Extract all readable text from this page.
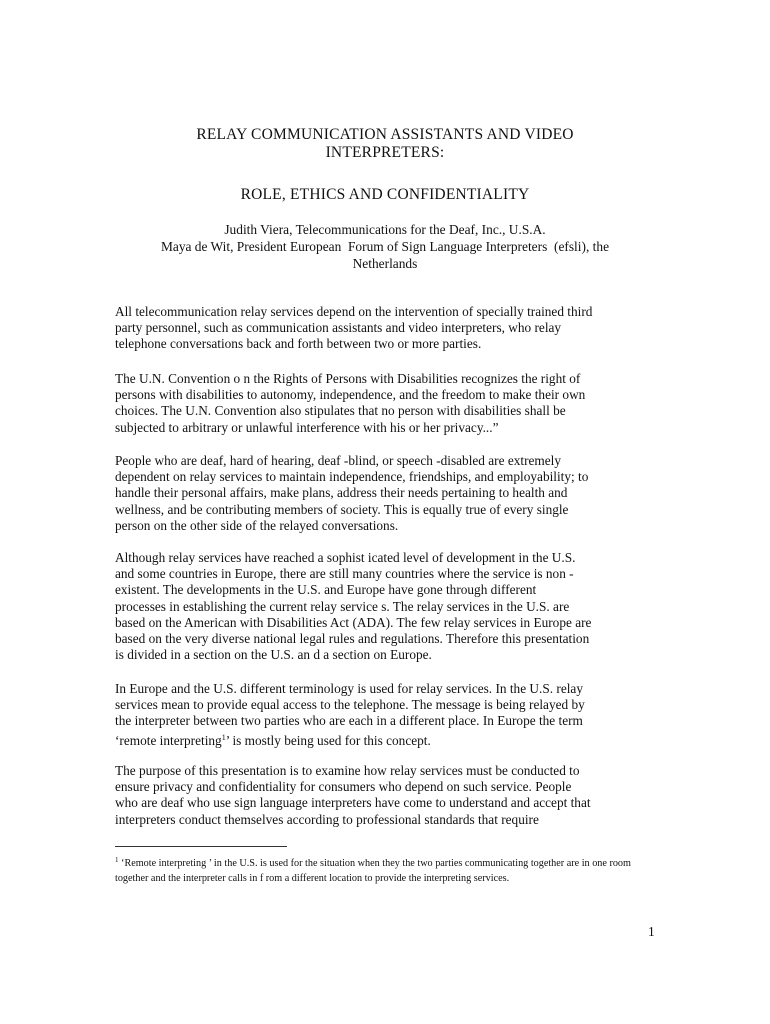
RELAY COMMUNICATION ASSISTANTS AND VIDEO
INTERPRETERS:
ROLE, ETHICS AND CONFIDENTIALITY
Judith Viera, Telecommunications for the Deaf, Inc., U.S.A.
Maya de Wit, President European  Forum of Sign Language Interpreters  (efsli), the
Netherlands

All telecommunication relay services depend on the intervention of specially trained third
party personnel, such as communication assistants and video interpreters, who relay
telephone conversations back and forth between two or more parties.

The U.N. Convention o n the Rights of Persons with Disabilities recognizes the right of
persons with disabilities to autonomy, independence, and the freedom to make their own
choices. The U.N. Convention also stipulates that no person with disabilities shall be
subjected to arbitrary or unlawful interference with his or her privacy...”

People who are deaf, hard of hearing, deaf -blind, or speech -disabled are extremely
dependent on relay services to maintain independence, friendships, and employability; to
handle their personal affairs, make plans, address their needs pertaining to health and
wellness, and be contributing members of society. This is equally true of every single
person on the other side of the relayed conversations.

Although relay services have reached a sophist icated level of development in the U.S.
and some countries in Europe, there are still many countries where the service is non -
existent. The developments in the U.S. and Europe have gone through different
processes in establishing the current relay service s. The relay services in the U.S. are
based on the American with Disabilities Act (ADA). The few relay services in Europe are
based on the very diverse national legal rules and regulations. Therefore this presentation
is divided in a section on the U.S. an d a section on Europe.

In Europe and the U.S. different terminology is used for relay services. In the U.S. relay
services mean to provide equal access to the telephone. The message is being relayed by
the interpreter between two parties who are each in a different place. In Europe the term
‘remote interpreting$^1$’ is mostly being used for this concept.

The purpose of this presentation is to examine how relay services must be conducted to
ensure privacy and confidentiality for consumers who depend on such service. People
who are deaf who use sign language interpreters have come to understand and accept that
interpreters conduct themselves according to professional standards that require

$^1$ ‘Remote interpreting ’ in the U.S. is used for the situation when they the two parties communicating together are in one room together and the interpreter calls in f rom a different location to provide the interpreting services.
1
